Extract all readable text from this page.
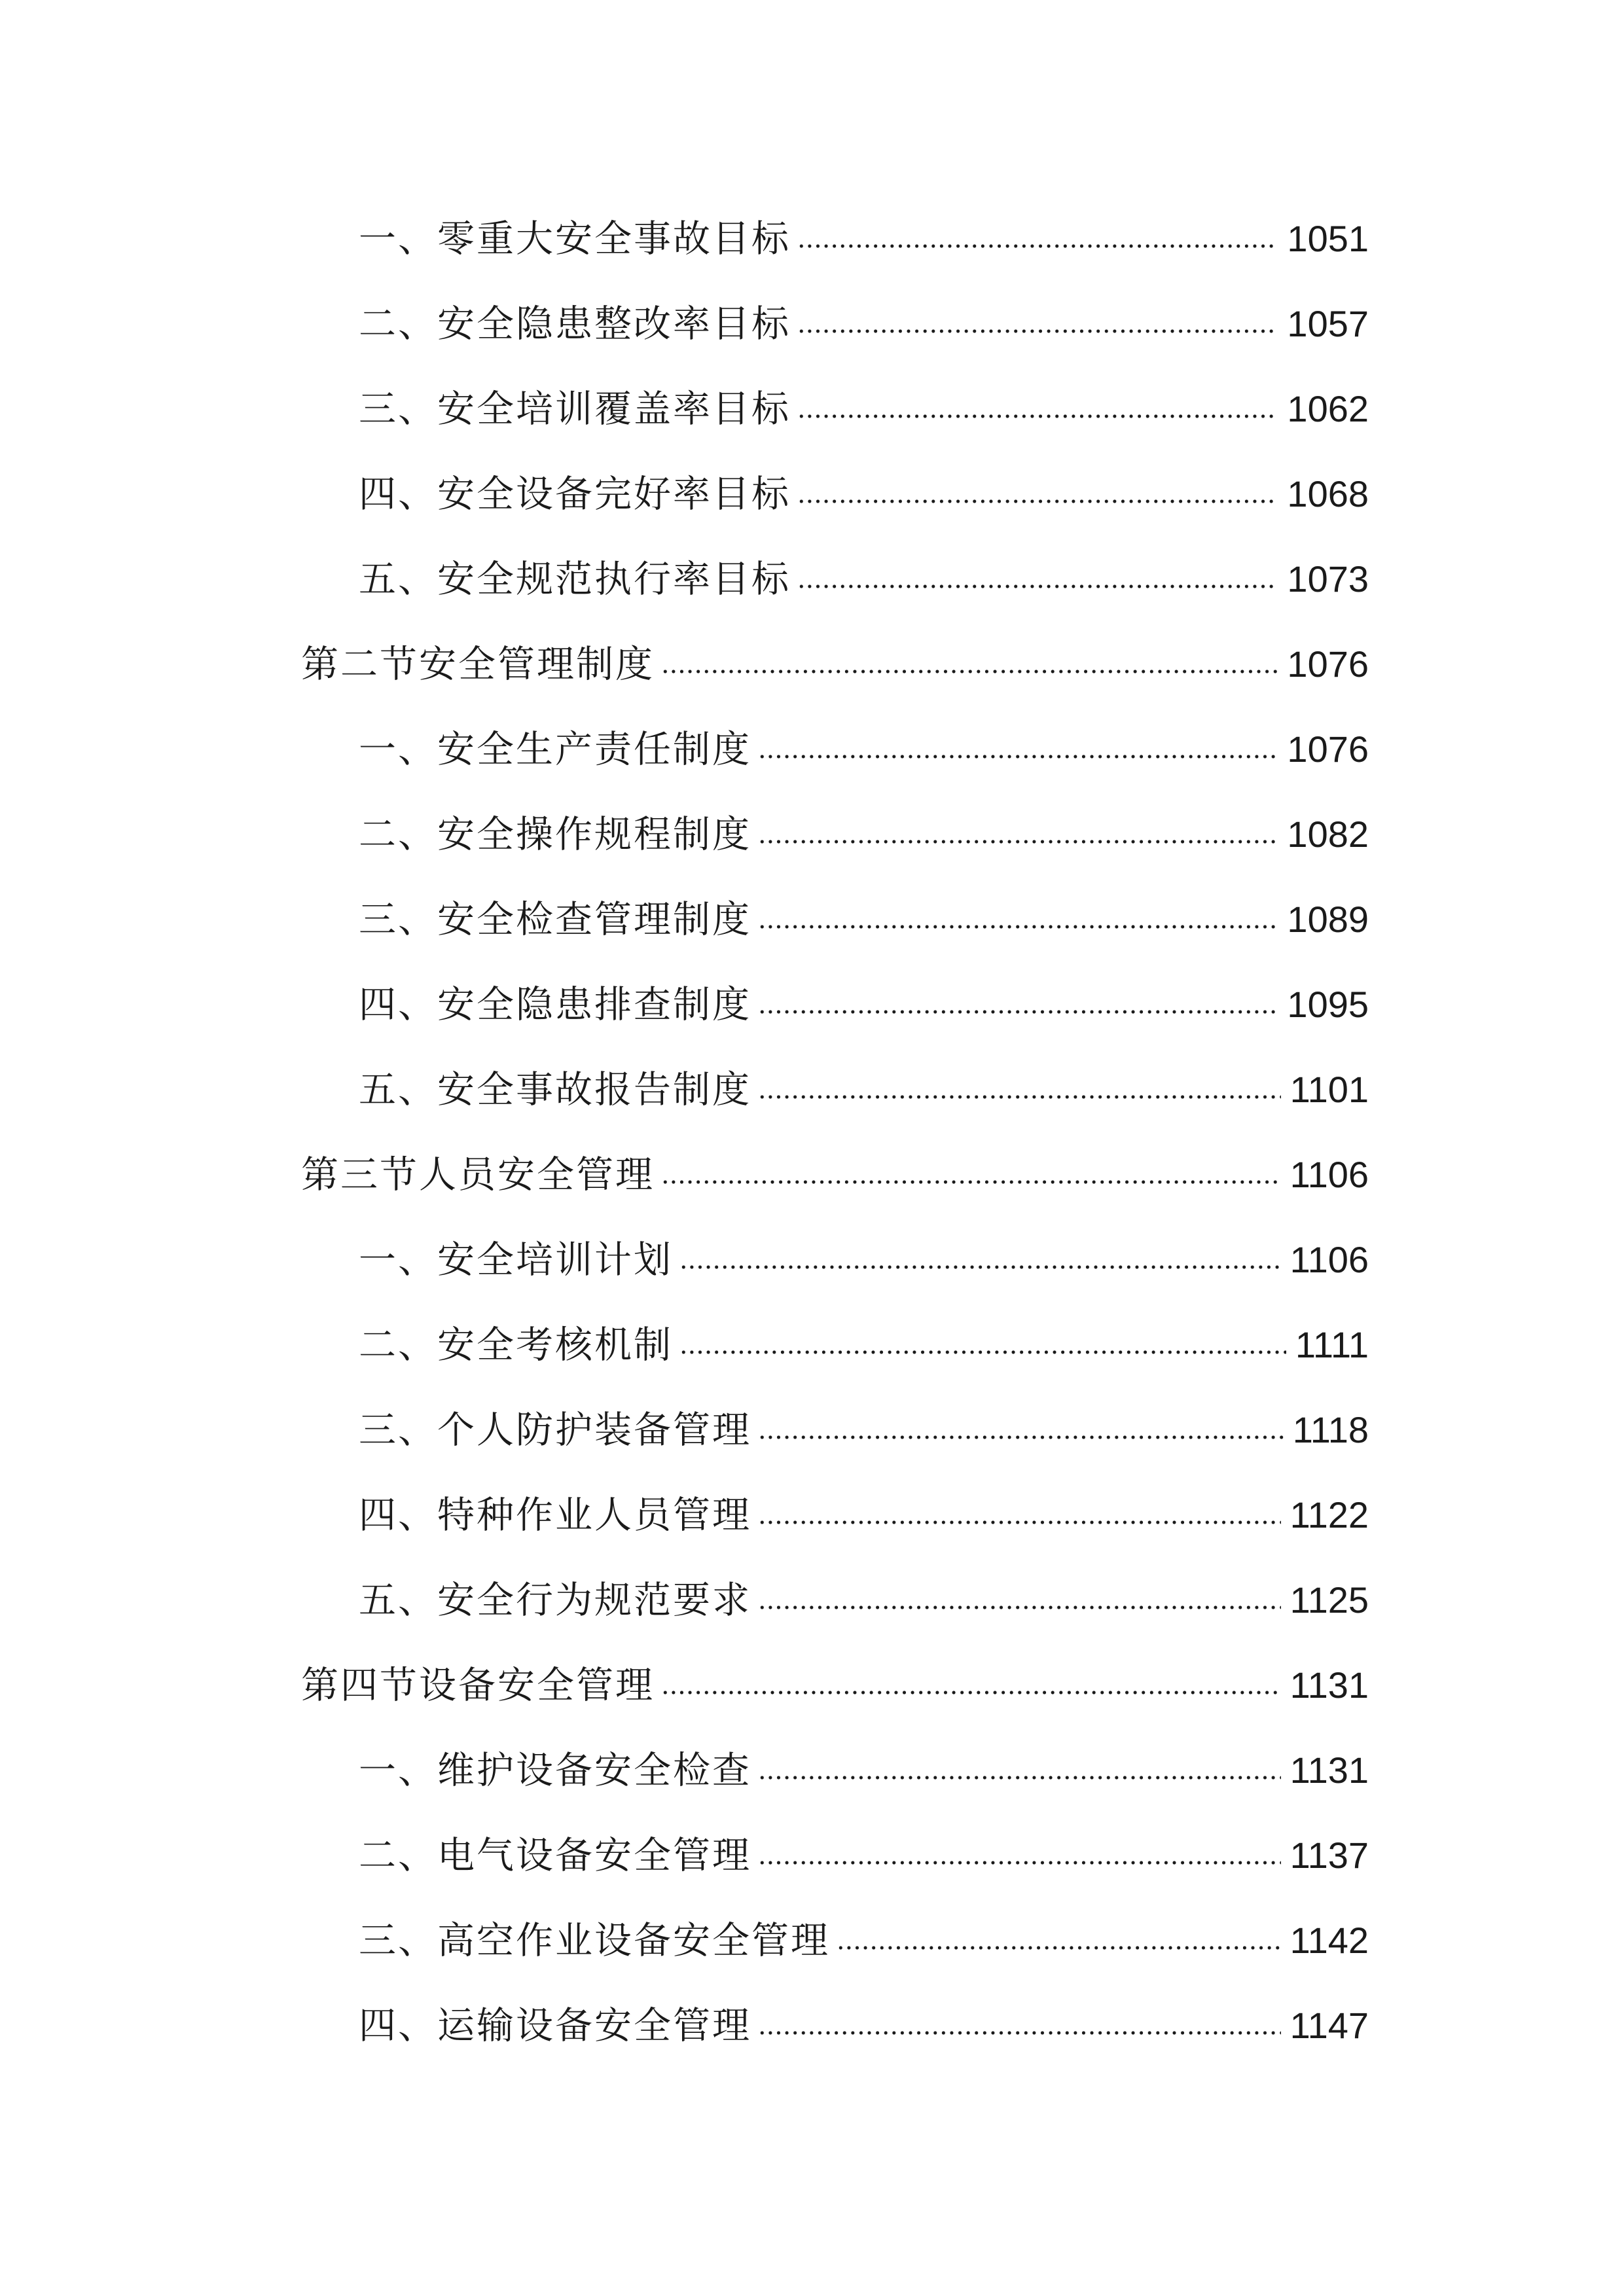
一、零重大安全事故目标	1051
二、安全隐患整改率目标	1057
三、安全培训覆盖率目标	1062
四、安全设备完好率目标	1068
五、安全规范执行率目标	1073
第二节安全管理制度	1076
一、安全生产责任制度	1076
二、安全操作规程制度	1082
三、安全检查管理制度	1089
四、安全隐患排查制度	1095
五、安全事故报告制度	1101
第三节人员安全管理	1106
一、安全培训计划	1106
二、安全考核机制	1111
三、个人防护装备管理	1118
四、特种作业人员管理	1122
五、安全行为规范要求	1125
第四节设备安全管理	1131
一、维护设备安全检查	1131
二、电气设备安全管理	1137
三、高空作业设备安全管理	1142
四、运输设备安全管理	1147
